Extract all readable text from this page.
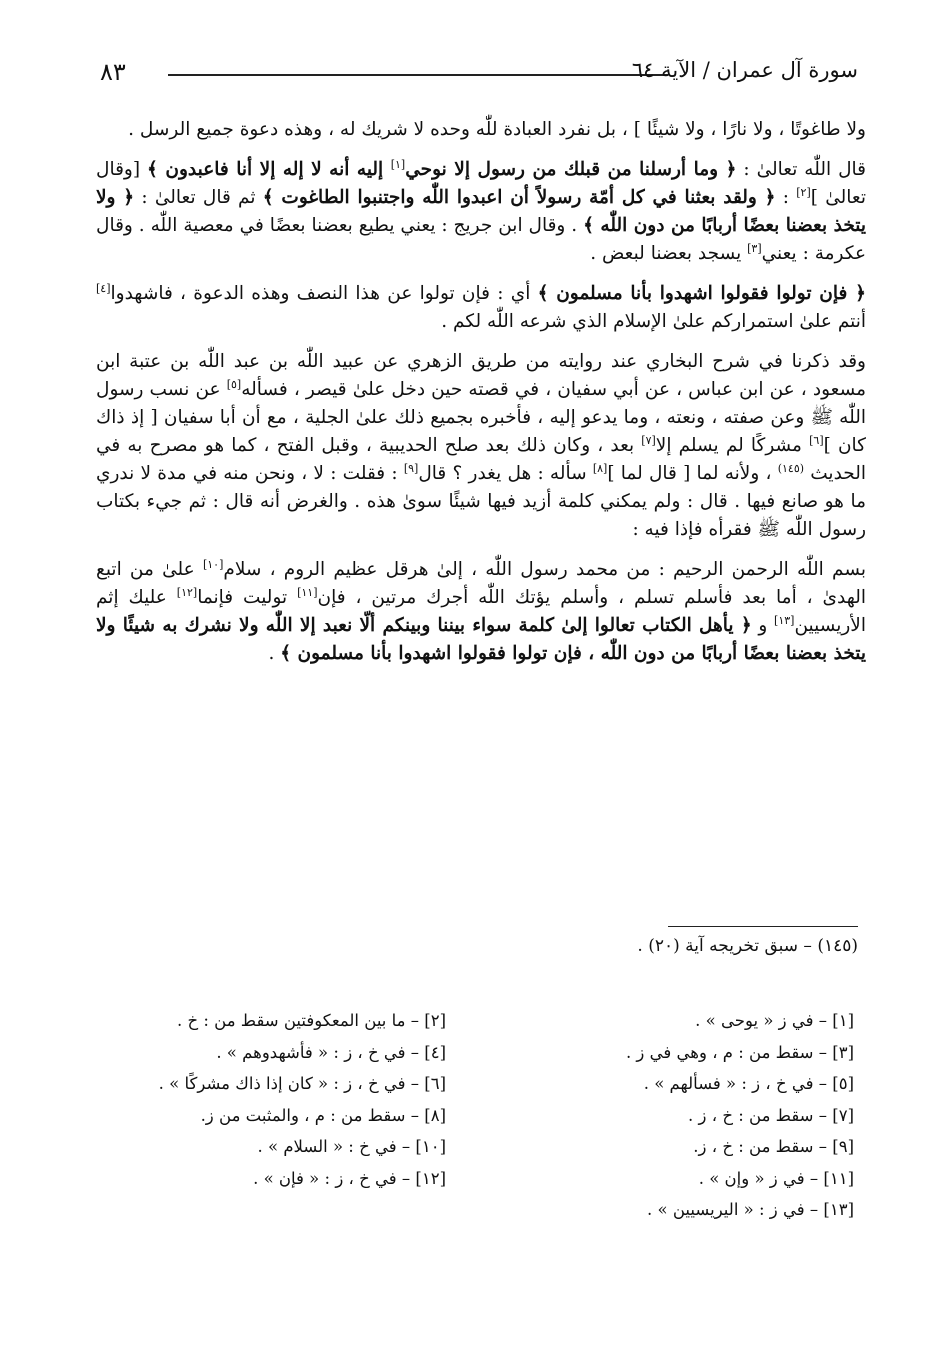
٨٣	سورة آل عمران / الآية ٦٤

ولا طاغوتًا ، ولا نارًا ، ولا شيئًا ] ، بل نفرد العبادة للّٰه وحده لا شريك له ، وهذه دعوة جميع الرسل .

قال اللّٰه تعالىٰ : ﴿ وما أرسلنا من قبلك من رسول إلا نوحي[١] إليه أنه لا إله إلا أنا فاعبدون ﴾ [وقال تعالىٰ ][٢] : ﴿ ولقد بعثنا في كل أمّة رسولاً أن اعبدوا اللّٰه واجتنبوا الطاغوت ﴾ ثم قال تعالىٰ : ﴿ ولا يتخذ بعضنا بعضًا أربابًا من دون اللّٰه ﴾ . وقال ابن جريج : يعني يطيع بعضنا بعضًا في معصية اللّٰه . وقال عكرمة : يعني[٣] يسجد بعضنا لبعض .

﴿ فإن تولوا فقولوا اشهدوا بأنا مسلمون ﴾ أي : فإن تولوا عن هذا النصف وهذه الدعوة ، فاشهدوا[٤] أنتم علىٰ استمراركم علىٰ الإسلام الذي شرعه اللّٰه لكم .

وقد ذكرنا في شرح البخاري عند روايته من طريق الزهري عن عبيد اللّٰه بن عبد اللّٰه بن عتبة ابن مسعود ، عن ابن عباس ، عن أبي سفيان ، في قصته حين دخل علىٰ قيصر ، فسأله[٥] عن نسب رسول اللّٰه ﷺ وعن صفته ، ونعته ، وما يدعو إليه ، فأخبره بجميع ذلك علىٰ الجلية ، مع أن أبا سفيان [ إذ ذاك كان ][٦] مشركًا لم يسلم إلا[٧] بعد ، وكان ذلك بعد صلح الحديبية ، وقبل الفتح ، كما هو مصرح به في الحديث $^{(١٤٥)}$ ، ولأنه لما [ قال لما ][٨] سأله : هل يغدر ؟ قال[٩] : فقلت : لا ، ونحن منه في مدة لا ندري ما هو صانع فيها . قال : ولم يمكني كلمة أزيد فيها شيئًا سوىٰ هذه . والغرض أنه قال : ثم جيء بكتاب رسول اللّٰه ﷺ فقرأه فإذا فيه :

بسم اللّٰه الرحمن الرحيم : من محمد رسول اللّٰه ، إلىٰ هرقل عظيم الروم ، سلام[١٠] علىٰ من اتبع الهدىٰ ، أما بعد فأسلم تسلم ، وأسلم يؤتك اللّٰه أجرك مرتين ، فإن[١١] توليت فإنما[١٢] عليك إثم الأريسيين[١٣] و ﴿ يأهل الكتاب تعالوا إلىٰ كلمة سواء بيننا وبينكم ألّا نعبد إلا اللّٰه ولا نشرك به شيئًا ولا يتخذ بعضنا بعضًا أربابًا من دون اللّٰه ، فإن تولوا فقولوا اشهدوا بأنا مسلمون ﴾ .

(١٤٥) – سبق تخريجه آية (٢٠) .
[١] – في ز « يوحى » .
[٣] – سقط من : م ، وهي في ز .
[٥] – في خ ، ز : « فسألهم » .
[٧] – سقط من : خ ، ز .
[٩] – سقط من : خ ، ز.
[١١] – في ز « وإن » .
[١٣] – في ز : « اليريسيين » .
[٢] – ما بين المعكوفتين سقط من : خ .
[٤] – في خ ، ز : « فأشهدوهم » .
[٦] – في خ ، ز : « كان إذا ذاك مشركًا » .
[٨] – سقط من : م ، والمثبت من ز.
[١٠] – في خ : « السلام » .
[١٢] – في خ ، ز : « فإن » .
